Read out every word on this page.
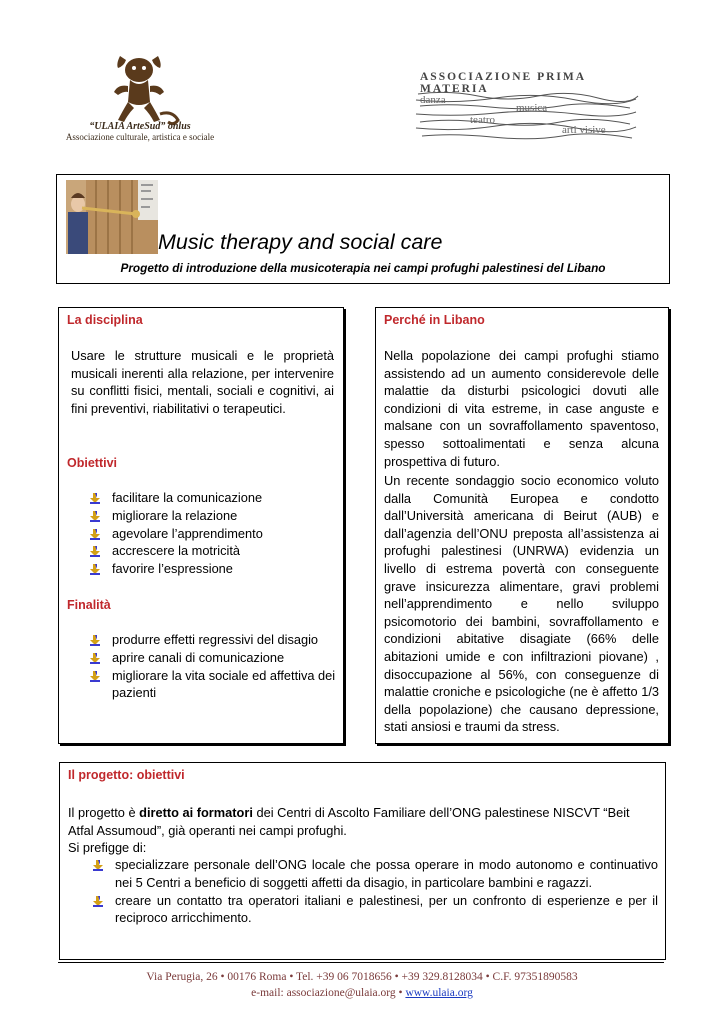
“ULAIA ArteSud” onlus
Associazione culturale, artistica e sociale
danza
musica
teatro
arti visive
ASSOCIAZIONE PRIMA MATERIA
Music therapy and social care
Progetto di introduzione della musicoterapia nei campi profughi palestinesi del Libano
La disciplina
Usare le strutture musicali e le proprietà musicali inerenti alla relazione, per intervenire su conflitti fisici, mentali, sociali e cognitivi, ai fini preventivi, riabilitativi o terapeutici.
Obiettivi
facilitare la comunicazione
migliorare la relazione
agevolare l’apprendimento
accrescere la motricità
favorire l’espressione
Finalità
produrre effetti regressivi del disagio
aprire canali di comunicazione
migliorare la vita sociale ed affettiva dei pazienti
Perché in Libano
Nella popolazione dei campi profughi stiamo assistendo ad un aumento considerevole delle malattie da disturbi psicologici dovuti alle condizioni di vita estreme, in case anguste e malsane con un sovraffollamento spaventoso, spesso sottoalimentati e senza alcuna prospettiva di futuro.
Un recente sondaggio socio economico voluto dalla Comunità Europea e condotto dall’Università americana di Beirut (AUB) e dall’agenzia dell’ONU preposta all’assistenza ai profughi palestinesi (UNRWA) evidenzia un livello di estrema povertà con conseguente grave insicurezza alimentare, gravi problemi nell’apprendimento e nello sviluppo psicomotorio dei bambini, sovraffollamento e condizioni abitative disagiate (66% delle abitazioni umide e con infiltrazioni piovane) , disoccupazione al 56%, con conseguenze di malattie croniche e psicologiche (ne è affetto 1/3 della popolazione) che causano depressione, stati ansiosi e traumi da stress.
Il progetto: obiettivi
Il progetto è diretto ai formatori dei Centri di Ascolto Familiare dell’ONG palestinese NISCVT “Beit Atfal Assumoud”, già operanti nei campi profughi.
Si prefigge di:
specializzare personale dell’ONG locale che possa operare in modo autonomo e continuativo nei 5 Centri a beneficio di soggetti affetti da disagio, in particolare bambini e ragazzi.
creare un contatto tra operatori italiani e palestinesi, per un confronto di esperienze e per il reciproco arricchimento.
Via Perugia, 26 • 00176 Roma • Tel. +39 06 7018656 • +39 329.8128034 • C.F. 97351890583
e-mail: associazione@ulaia.org • www.ulaia.org
